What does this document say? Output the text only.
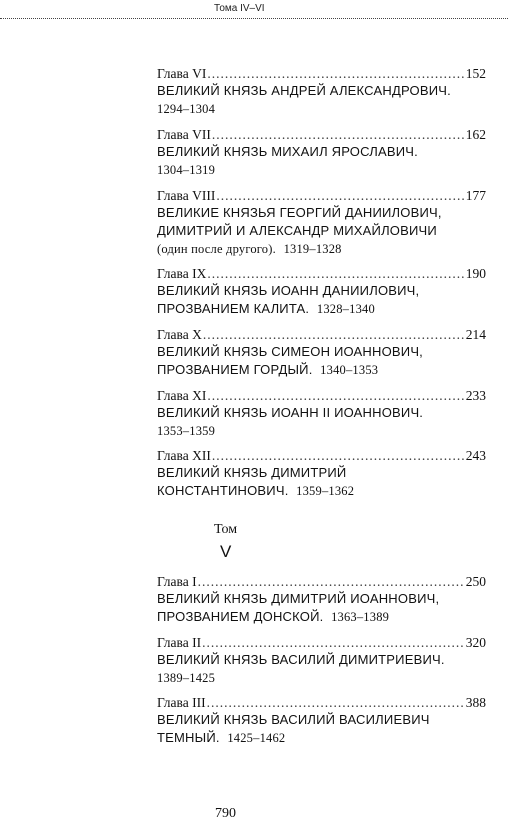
Тома IV–VI
Глава VI .....	152
ВЕЛИКИЙ КНЯЗЬ АНДРЕЙ АЛЕКСАНДРОВИЧ.
1294–1304
Глава VII .....	162
ВЕЛИКИЙ КНЯЗЬ МИХАИЛ ЯРОСЛАВИЧ.
1304–1319
Глава VIII .....	177
ВЕЛИКИЕ КНЯЗЬЯ ГЕОРГИЙ ДАНИИЛОВИЧ,
ДИМИТРИЙ И АЛЕКСАНДР МИХАЙЛОВИЧИ
(один после другого). 1319–1328
Глава IX .....	190
ВЕЛИКИЙ КНЯЗЬ ИОАНН ДАНИИЛОВИЧ,
ПРОЗВАНИЕМ КАЛИТА. 1328–1340
Глава X .....	214
ВЕЛИКИЙ КНЯЗЬ СИМЕОН ИОАННОВИЧ,
ПРОЗВАНИЕМ ГОРДЫЙ. 1340–1353
Глава XI .....	233
ВЕЛИКИЙ КНЯЗЬ ИОАНН II ИОАННОВИЧ.
1353–1359
Глава XII .....	243
ВЕЛИКИЙ КНЯЗЬ ДИМИТРИЙ
КОНСТАНТИНОВИЧ. 1359–1362
Том
V
Глава I .....	250
ВЕЛИКИЙ КНЯЗЬ ДИМИТРИЙ ИОАННОВИЧ,
ПРОЗВАНИЕМ ДОНСКОЙ. 1363–1389
Глава II .....	320
ВЕЛИКИЙ КНЯЗЬ ВАСИЛИЙ ДИМИТРИЕВИЧ.
1389–1425
Глава III .....	388
ВЕЛИКИЙ КНЯЗЬ ВАСИЛИЙ ВАСИЛИЕВИЧ
ТЕМНЫЙ. 1425–1462
790
